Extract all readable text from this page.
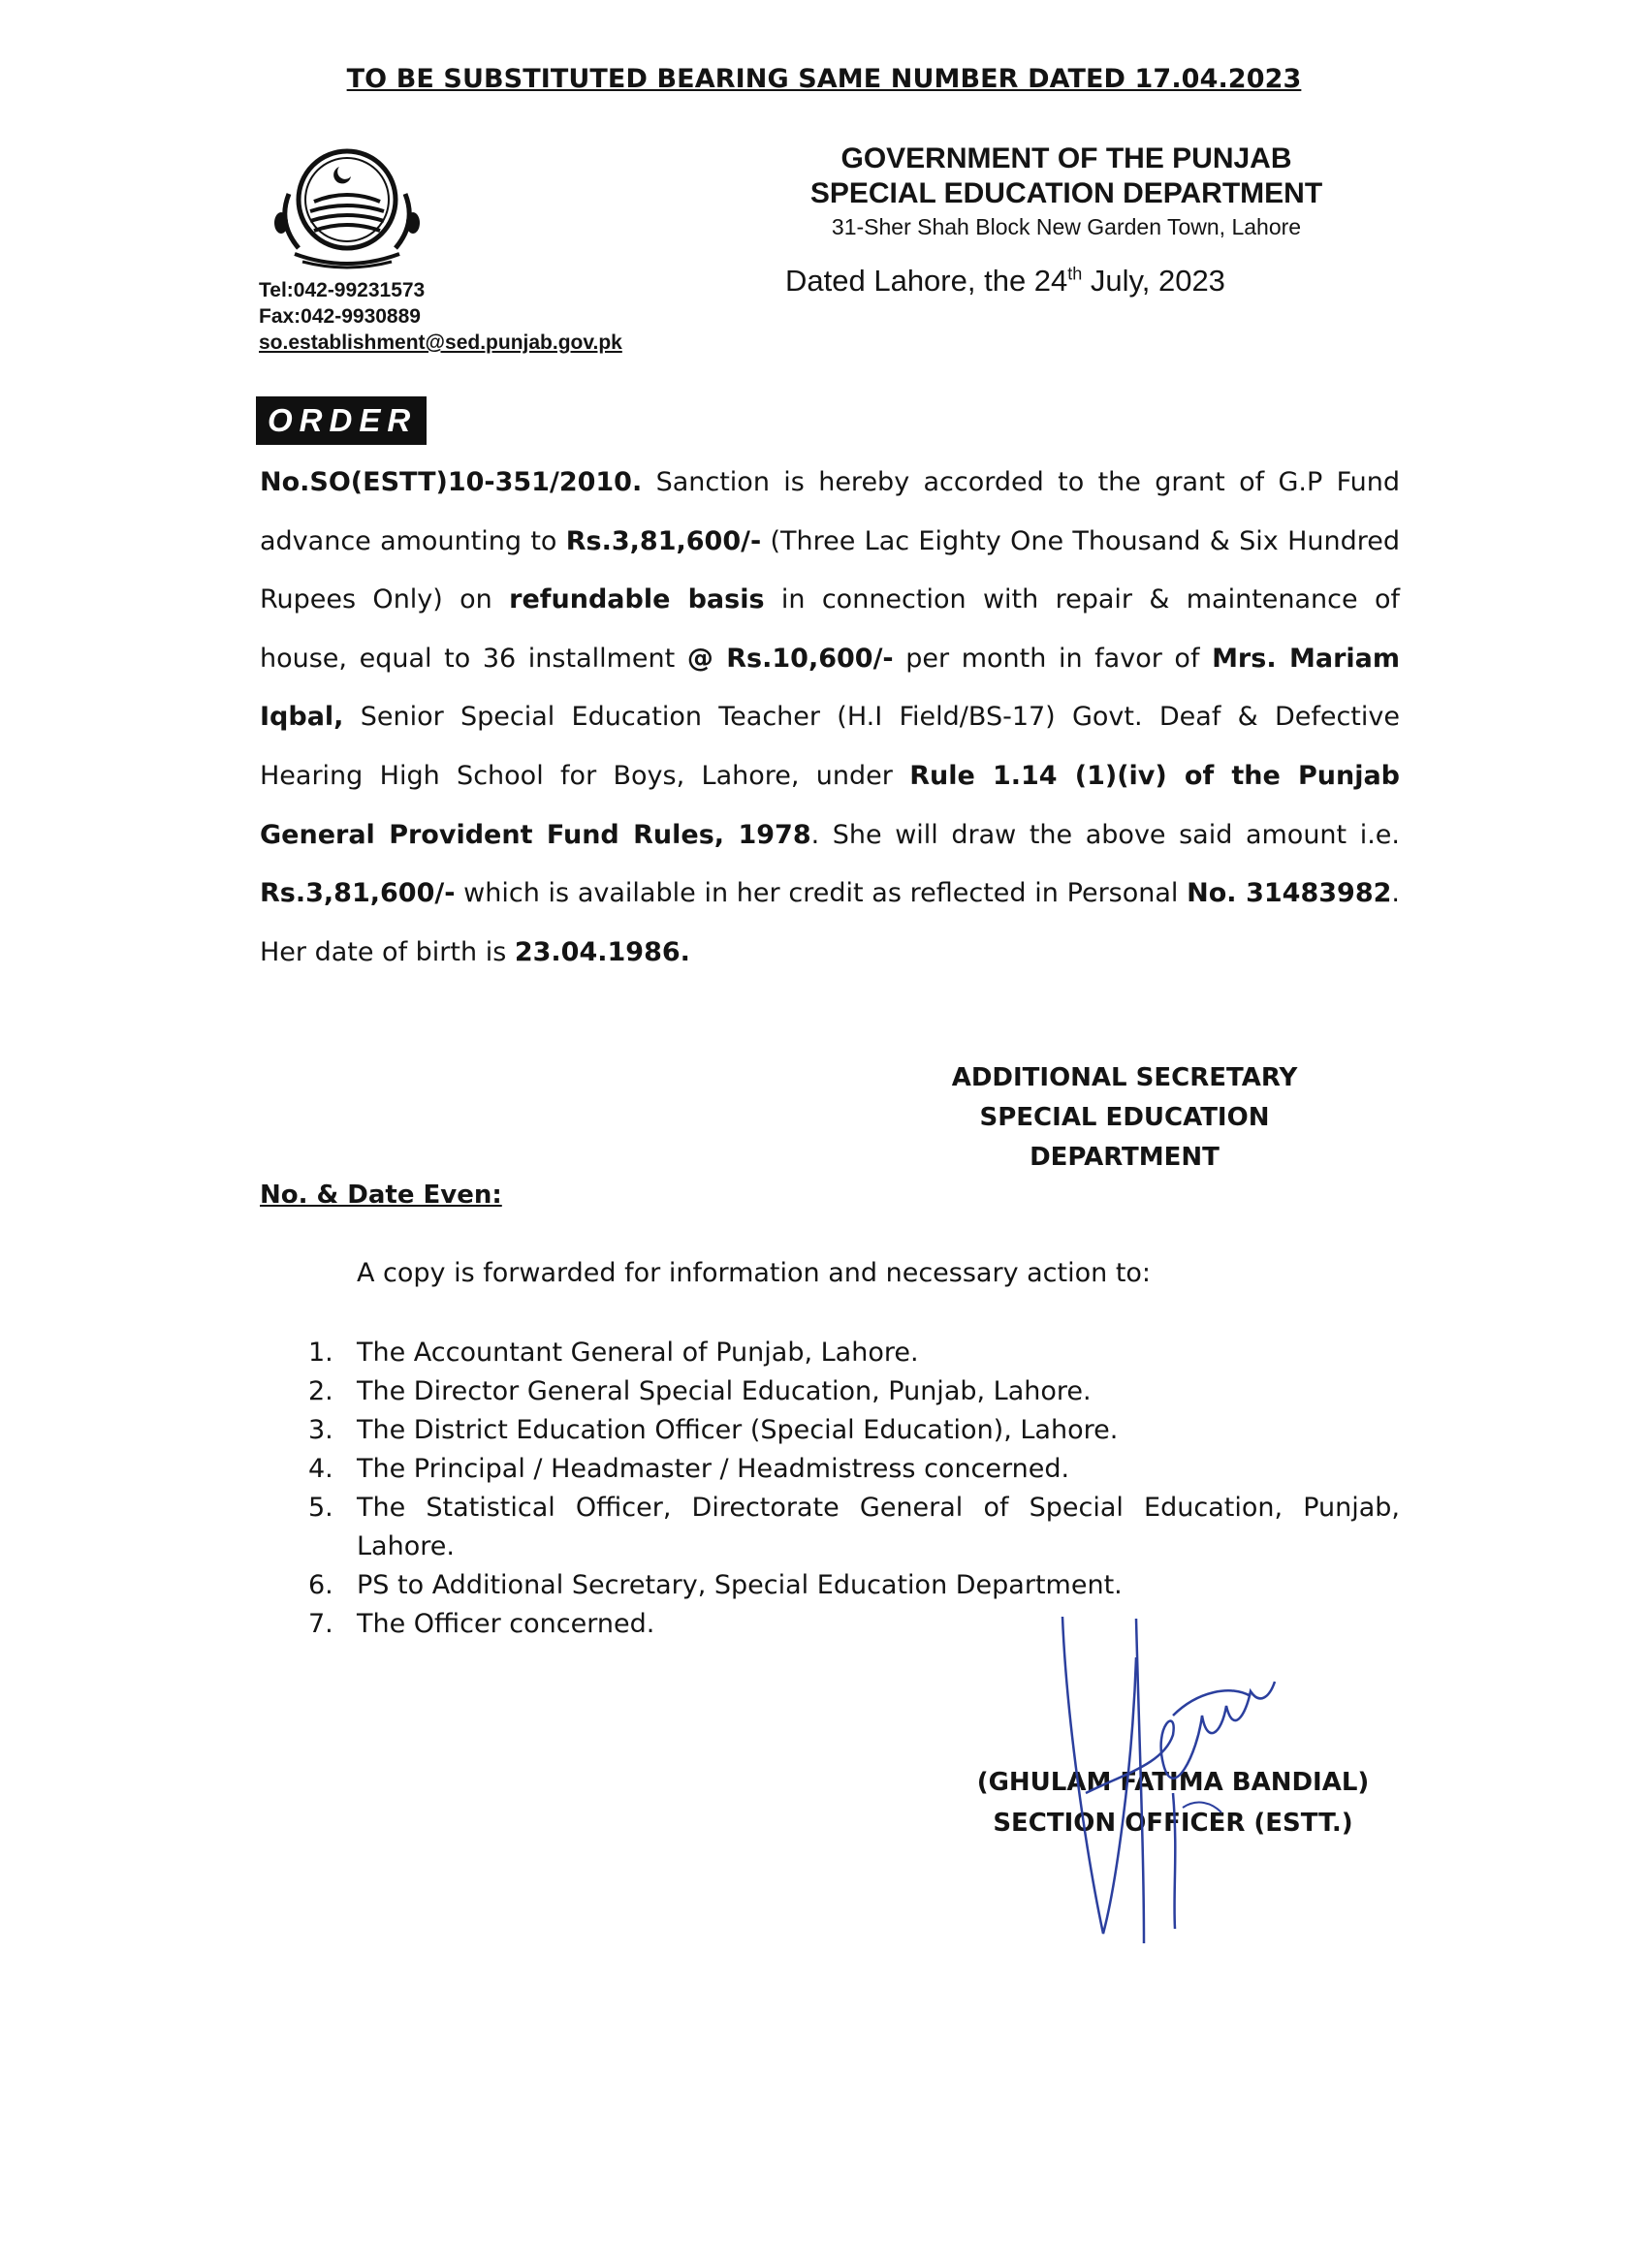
TO BE SUBSTITUTED BEARING SAME NUMBER DATED 17.04.2023
Tel:042-99231573
Fax:042-9930889
so.establishment@sed.punjab.gov.pk
GOVERNMENT OF THE PUNJAB
SPECIAL EDUCATION DEPARTMENT
31-Sher Shah Block New Garden Town, Lahore
Dated Lahore, the 24th July, 2023
ORDER

No.SO(ESTT)10-351/2010. Sanction is hereby accorded to the grant of G.P Fund advance amounting to Rs.3,81,600/- (Three Lac Eighty One Thousand & Six Hundred Rupees Only) on refundable basis in connection with repair & maintenance of house, equal to 36 installment @ Rs.10,600/- per month in favor of Mrs. Mariam Iqbal, Senior Special Education Teacher (H.I Field/BS-17) Govt. Deaf & Defective Hearing High School for Boys, Lahore, under Rule 1.14 (1)(iv) of the Punjab General Provident Fund Rules, 1978. She will draw the above said amount i.e. Rs.3,81,600/- which is available in her credit as reflected in Personal No. 31483982. Her date of birth is 23.04.1986.

ADDITIONAL SECRETARY
SPECIAL EDUCATION
DEPARTMENT
No. & Date Even:
A copy is forwarded for information and necessary action to:
1. The Accountant General of Punjab, Lahore.
2. The Director General Special Education, Punjab, Lahore.
3. The District Education Officer (Special Education), Lahore.
4. The Principal / Headmaster / Headmistress concerned.
5. The Statistical Officer, Directorate General of Special Education, Punjab, Lahore.
6. PS to Additional Secretary, Special Education Department.
7. The Officer concerned.
(GHULAM FATIMA BANDIAL)
SECTION OFFICER (ESTT.)
